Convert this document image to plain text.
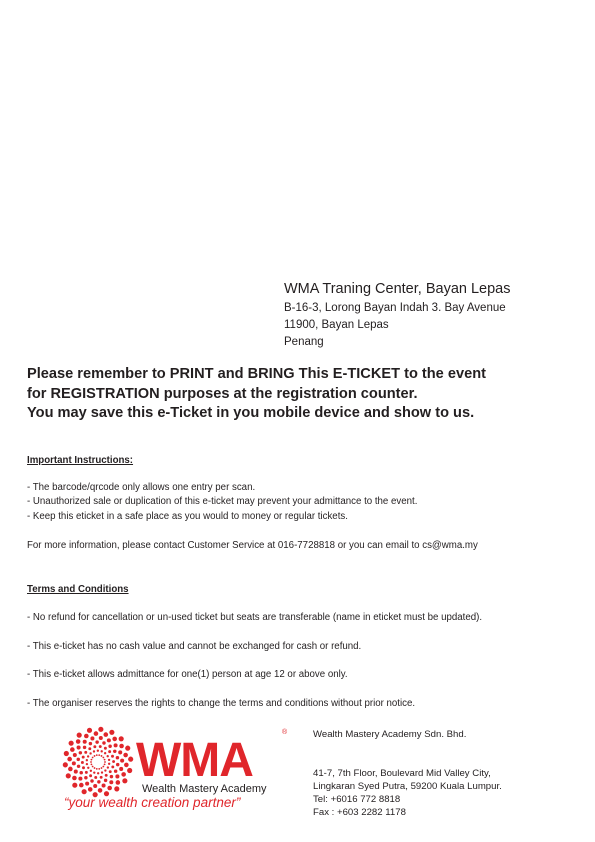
WMA Traning Center, Bayan Lepas
B-16-3, Lorong Bayan Indah 3. Bay Avenue
11900, Bayan Lepas
Penang
Please remember to PRINT and BRING This E-TICKET to the event
for REGISTRATION purposes at the registration counter.
You may save this e-Ticket in you mobile device and show to us.
Important Instructions:
- The barcode/qrcode only allows one entry per scan.
- Unauthorized sale or duplication of this e-ticket may prevent your admittance to the event.
- Keep this eticket in a safe place as you would to money or regular tickets.
For more information, please contact Customer Service at 016-7728818 or you can email to cs@wma.my
Terms and Conditions
- No refund for cancellation or un-used ticket but seats are transferable (name in eticket must be updated).
- This e-ticket has no cash value and cannot be exchanged for cash or refund.
- This e-ticket allows admittance for one(1) person at age 12 or above only.
- The organiser reserves the rights to change the terms and conditions without prior notice.
WMA
®
Wealth Mastery Academy
“your wealth creation partner”
Wealth Mastery Academy Sdn. Bhd.
41-7, 7th Floor, Boulevard Mid Valley City,
Lingkaran Syed Putra, 59200 Kuala Lumpur.
Tel: +6016 772 8818
Fax : +603 2282 1178
